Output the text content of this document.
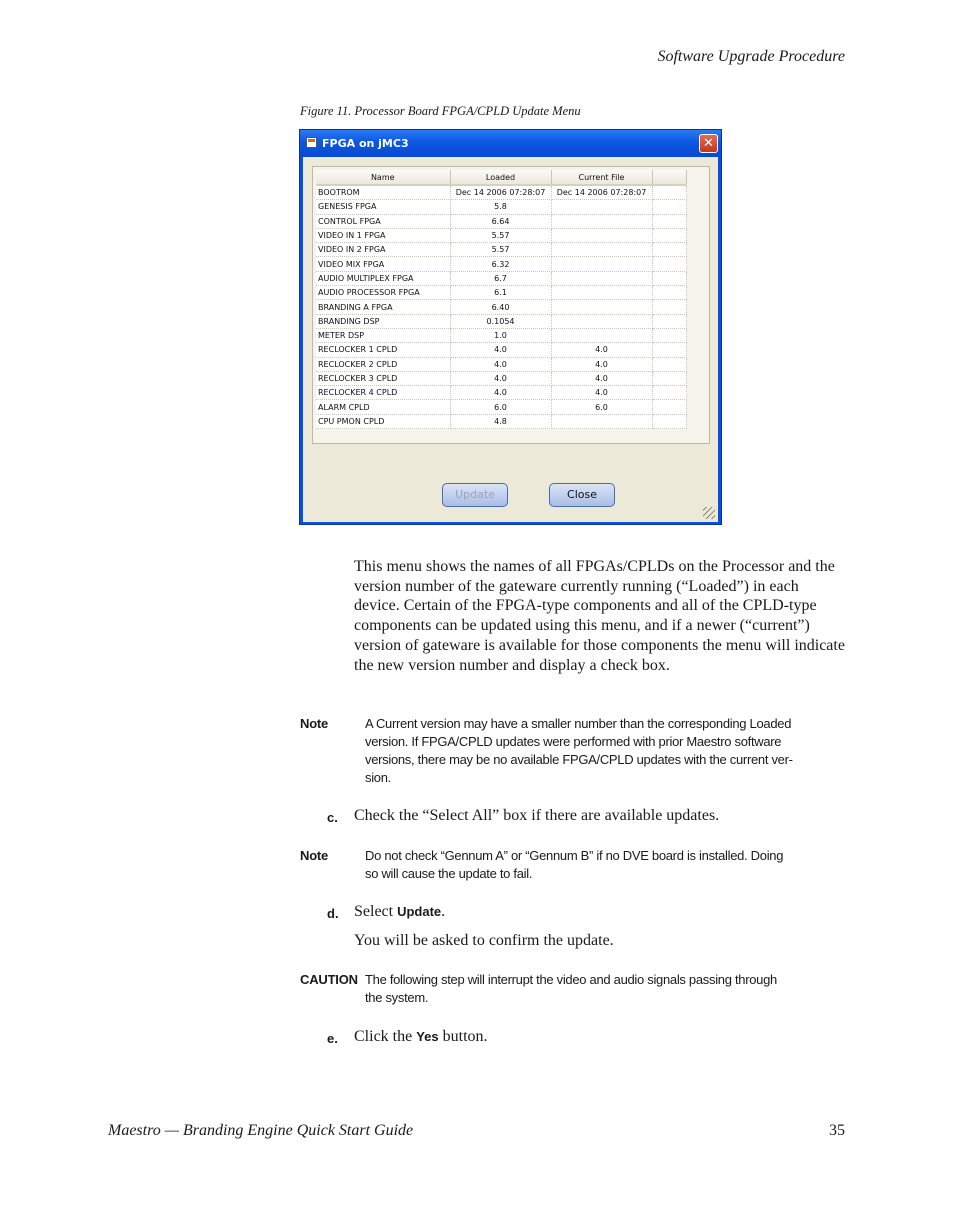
Software Upgrade Procedure
Figure 11. Processor Board FPGA/CPLD Update Menu
FPGA on jMC3	✕
Name	Loaded	Current File	
BOOTROM	Dec 14 2006 07:28:07	Dec 14 2006 07:28:07	
GENESIS FPGA	5.8		
CONTROL FPGA	6.64		
VIDEO IN 1 FPGA	5.57		
VIDEO IN 2 FPGA	5.57		
VIDEO MIX FPGA	6.32		
AUDIO MULTIPLEX FPGA	6.7		
AUDIO PROCESSOR FPGA	6.1		
BRANDING A FPGA	6.40		
BRANDING DSP	0.1054		
METER DSP	1.0		
RECLOCKER 1 CPLD	4.0	4.0	
RECLOCKER 2 CPLD	4.0	4.0	
RECLOCKER 3 CPLD	4.0	4.0	
RECLOCKER 4 CPLD	4.0	4.0	
ALARM CPLD	6.0	6.0	
CPU PMON CPLD	4.8		
Update	Close
This menu shows the names of all FPGAs/CPLDs on the Processor and the version number of the gateware currently running (“Loaded”) in each device. Certain of the FPGA-type components and all of the CPLD-type components can be updated using this menu, and if a newer (“current”) version of gateware is available for those components the menu will indicate the new version number and display a check box.
Note	A Current version may have a smaller number than the corresponding Loaded
version. If FPGA/CPLD updates were performed with prior Maestro software
versions, there may be no available FPGA/CPLD updates with the current ver-
sion.
c. Check the “Select All” box if there are available updates.
Note	Do not check “Gennum A” or “Gennum B” if no DVE board is installed. Doing
so will cause the update to fail.
d. Select Update.
You will be asked to confirm the update.
CAUTION The following step will interrupt the video and audio signals passing through
the system.
e. Click the Yes button.
Maestro — Branding Engine Quick Start Guide	35
